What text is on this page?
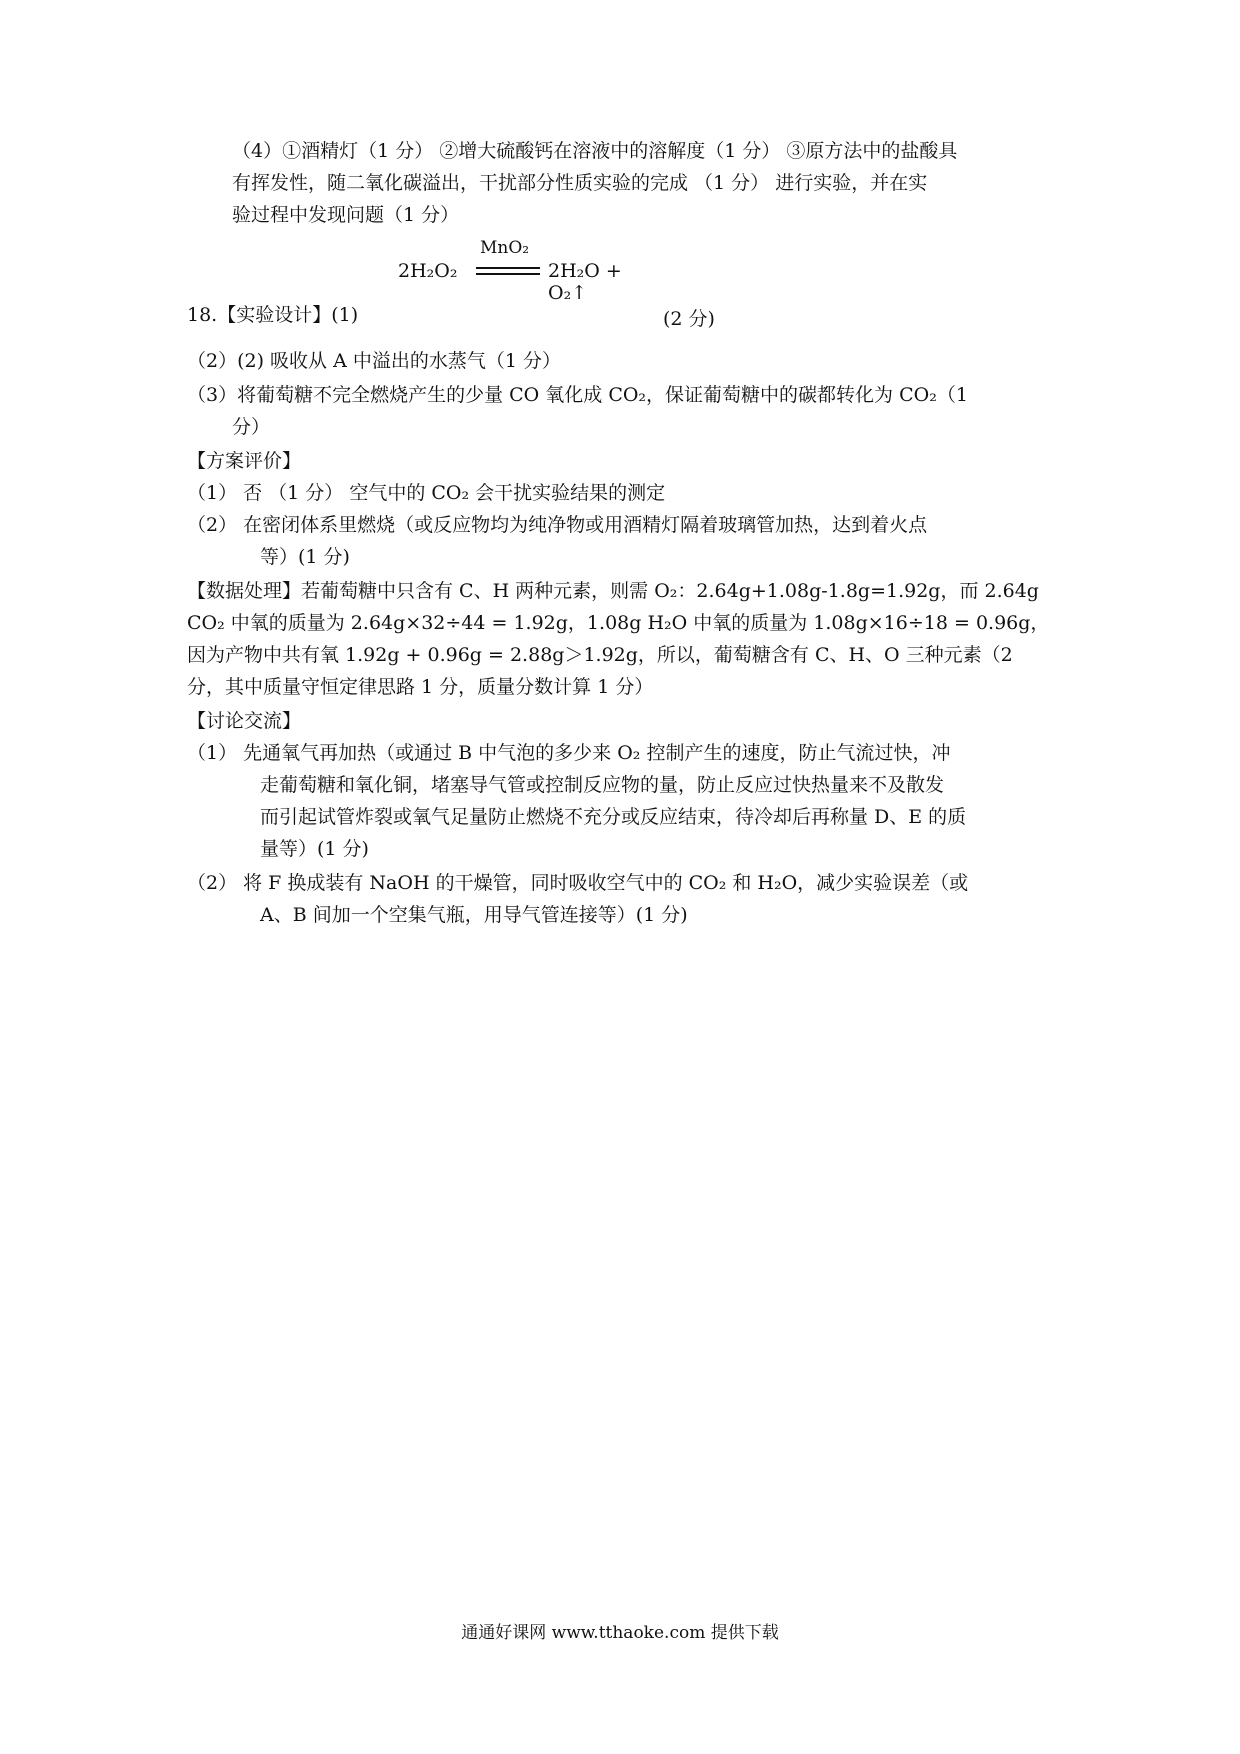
（4）①酒精灯（1 分） ②增大硫酸钙在溶液中的溶解度（1 分） ③原方法中的盐酸具
有挥发性，随二氧化碳溢出，干扰部分性质实验的完成 （1 分） 进行实验，并在实
验过程中发现问题（1 分）
2H₂O₂
MnO₂
2H₂O + O₂↑
18.【实验设计】(1)	(2 分)
（2）(2) 吸收从 A 中溢出的水蒸气（1 分）
（3）将葡萄糖不完全燃烧产生的少量 CO 氧化成 CO₂，保证葡萄糖中的碳都转化为 CO₂（1
分）
【方案评价】
（1） 否 （1 分） 空气中的 CO₂ 会干扰实验结果的测定
（2） 在密闭体系里燃烧（或反应物均为纯净物或用酒精灯隔着玻璃管加热，达到着火点
等）(1 分)
【数据处理】若葡萄糖中只含有 C、H 两种元素，则需 O₂：2.64g+1.08g-1.8g=1.92g，而 2.64g
CO₂ 中氧的质量为 2.64g×32÷44 = 1.92g，1.08g H₂O 中氧的质量为 1.08g×16÷18 = 0.96g，
因为产物中共有氧 1.92g + 0.96g = 2.88g＞1.92g，所以，葡萄糖含有 C、H、O 三种元素（2
分，其中质量守恒定律思路 1 分，质量分数计算 1 分）
【讨论交流】
（1） 先通氧气再加热（或通过 B 中气泡的多少来 O₂ 控制产生的速度，防止气流过快，冲
走葡萄糖和氧化铜，堵塞导气管或控制反应物的量，防止反应过快热量来不及散发
而引起试管炸裂或氧气足量防止燃烧不充分或反应结束，待冷却后再称量 D、E 的质
量等）(1 分)
（2） 将 F 换成装有 NaOH 的干燥管，同时吸收空气中的 CO₂ 和 H₂O，减少实验误差（或
A、B 间加一个空集气瓶，用导气管连接等）(1 分)
通通好课网 www.tthaoke.com 提供下载
